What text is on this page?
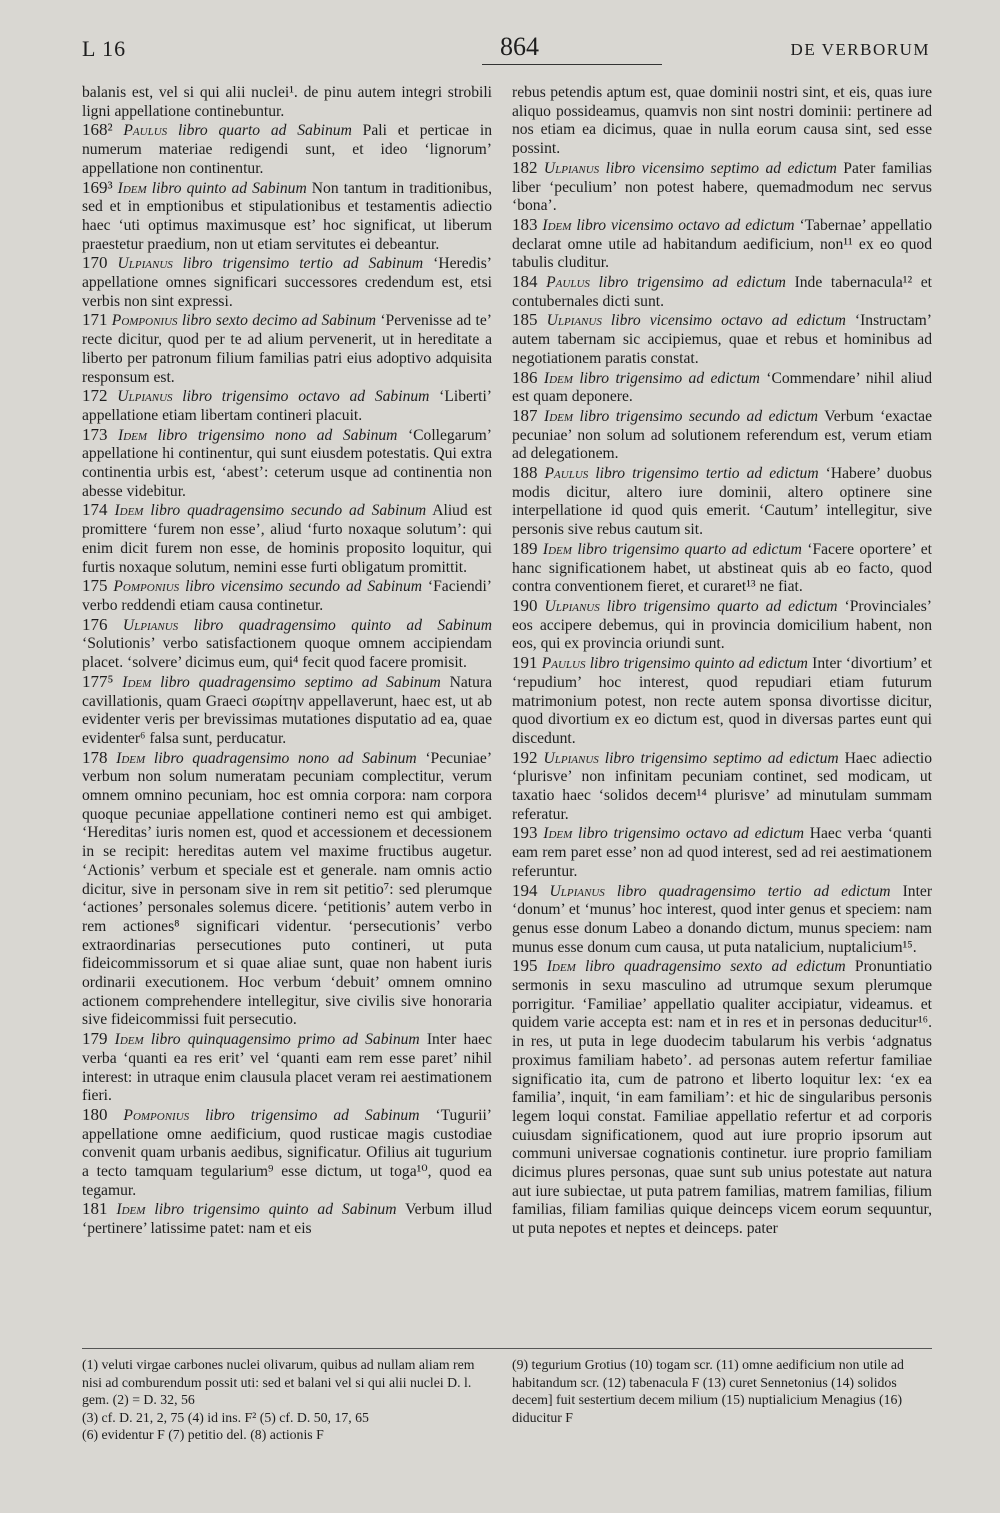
L 16	864	DE VERBORUM

balanis est, vel si qui alii nuclei¹. de pinu autem integri strobili ligni appellatione continebuntur.

168² Paulus libro quarto ad Sabinum Pali et perticae in numerum materiae redigendi sunt, et ideo ‘lignorum’ appellatione non continentur.

169³ Idem libro quinto ad Sabinum Non tantum in traditionibus, sed et in emptionibus et stipulationibus et testamentis adiectio haec ‘uti optimus maximusque est’ hoc significat, ut liberum praestetur praedium, non ut etiam servitutes ei debeantur.

170 Ulpianus libro trigensimo tertio ad Sabinum ‘Heredis’ appellatione omnes significari successores credendum est, etsi verbis non sint expressi.

171 Pomponius libro sexto decimo ad Sabinum ‘Pervenisse ad te’ recte dicitur, quod per te ad alium pervenerit, ut in hereditate a liberto per patronum filium familias patri eius adoptivo adquisita responsum est.

172 Ulpianus libro trigensimo octavo ad Sabinum ‘Liberti’ appellatione etiam libertam contineri placuit.

173 Idem libro trigensimo nono ad Sabinum ‘Collegarum’ appellatione hi continentur, qui sunt eiusdem potestatis. Qui extra continentia urbis est, ‘abest’: ceterum usque ad continentia non abesse videbitur.

174 Idem libro quadragensimo secundo ad Sabinum Aliud est promittere ‘furem non esse’, aliud ‘furto noxaque solutum’: qui enim dicit furem non esse, de hominis proposito loquitur, qui furtis noxaque solutum, nemini esse furti obligatum promittit.

175 Pomponius libro vicensimo secundo ad Sabinum ‘Faciendi’ verbo reddendi etiam causa continetur.

176 Ulpianus libro quadragensimo quinto ad Sabinum ‘Solutionis’ verbo satisfactionem quoque omnem accipiendam placet. ‘solvere’ dicimus eum, qui⁴ fecit quod facere promisit.

177⁵ Idem libro quadragensimo septimo ad Sabinum Natura cavillationis, quam Graeci σωρίτην appellaverunt, haec est, ut ab evidenter veris per brevissimas mutationes disputatio ad ea, quae evidenter⁶ falsa sunt, perducatur.

178 Idem libro quadragensimo nono ad Sabinum ‘Pecuniae’ verbum non solum numeratam pecuniam complectitur, verum omnem omnino pecuniam, hoc est omnia corpora: nam corpora quoque pecuniae appellatione contineri nemo est qui ambiget. ‘Hereditas’ iuris nomen est, quod et accessionem et decessionem in se recipit: hereditas autem vel maxime fructibus augetur. ‘Actionis’ verbum et speciale est et generale. nam omnis actio dicitur, sive in personam sive in rem sit petitio⁷: sed plerumque ‘actiones’ personales solemus dicere. ‘petitionis’ autem verbo in rem actiones⁸ significari videntur. ‘persecutionis’ verbo extraordinarias persecutiones puto contineri, ut puta fideicommissorum et si quae aliae sunt, quae non habent iuris ordinarii executionem. Hoc verbum ‘debuit’ omnem omnino actionem comprehendere intellegitur, sive civilis sive honoraria sive fideicommissi fuit persecutio.

179 Idem libro quinquagensimo primo ad Sabinum Inter haec verba ‘quanti ea res erit’ vel ‘quanti eam rem esse paret’ nihil interest: in utraque enim clausula placet veram rei aestimationem fieri.

180 Pomponius libro trigensimo ad Sabinum ‘Tugurii’ appellatione omne aedificium, quod rusticae magis custodiae convenit quam urbanis aedibus, significatur. Ofilius ait tugurium a tecto tamquam tegularium⁹ esse dictum, ut toga¹⁰, quod ea tegamur.

181 Idem libro trigensimo quinto ad Sabinum Verbum illud ‘pertinere’ latissime patet: nam et eis

rebus petendis aptum est, quae dominii nostri sint, et eis, quas iure aliquo possideamus, quamvis non sint nostri dominii: pertinere ad nos etiam ea dicimus, quae in nulla eorum causa sint, sed esse possint.

182 Ulpianus libro vicensimo septimo ad edictum Pater familias liber ‘peculium’ non potest habere, quemadmodum nec servus ‘bona’.

183 Idem libro vicensimo octavo ad edictum ‘Tabernae’ appellatio declarat omne utile ad habitandum aedificium, non¹¹ ex eo quod tabulis cluditur.

184 Paulus libro trigensimo ad edictum Inde tabernacula¹² et contubernales dicti sunt.

185 Ulpianus libro vicensimo octavo ad edictum ‘Instructam’ autem tabernam sic accipiemus, quae et rebus et hominibus ad negotiationem paratis constat.

186 Idem libro trigensimo ad edictum ‘Commendare’ nihil aliud est quam deponere.

187 Idem libro trigensimo secundo ad edictum Verbum ‘exactae pecuniae’ non solum ad solutionem referendum est, verum etiam ad delegationem.

188 Paulus libro trigensimo tertio ad edictum ‘Habere’ duobus modis dicitur, altero iure dominii, altero optinere sine interpellatione id quod quis emerit. ‘Cautum’ intellegitur, sive personis sive rebus cautum sit.

189 Idem libro trigensimo quarto ad edictum ‘Facere oportere’ et hanc significationem habet, ut abstineat quis ab eo facto, quod contra conventionem fieret, et curaret¹³ ne fiat.

190 Ulpianus libro trigensimo quarto ad edictum ‘Provinciales’ eos accipere debemus, qui in provincia domicilium habent, non eos, qui ex provincia oriundi sunt.

191 Paulus libro trigensimo quinto ad edictum Inter ‘divortium’ et ‘repudium’ hoc interest, quod repudiari etiam futurum matrimonium potest, non recte autem sponsa divortisse dicitur, quod divortium ex eo dictum est, quod in diversas partes eunt qui discedunt.

192 Ulpianus libro trigensimo septimo ad edictum Haec adiectio ‘plurisve’ non infinitam pecuniam continet, sed modicam, ut taxatio haec ‘solidos decem¹⁴ plurisve’ ad minutulam summam referatur.

193 Idem libro trigensimo octavo ad edictum Haec verba ‘quanti eam rem paret esse’ non ad quod interest, sed ad rei aestimationem referuntur.

194 Ulpianus libro quadragensimo tertio ad edictum Inter ‘donum’ et ‘munus’ hoc interest, quod inter genus et speciem: nam genus esse donum Labeo a donando dictum, munus speciem: nam munus esse donum cum causa, ut puta natalicium, nuptalicium¹⁵.

195 Idem libro quadragensimo sexto ad edictum Pronuntiatio sermonis in sexu masculino ad utrumque sexum plerumque porrigitur. ‘Familiae’ appellatio qualiter accipiatur, videamus. et quidem varie accepta est: nam et in res et in personas deducitur¹⁶. in res, ut puta in lege duodecim tabularum his verbis ‘adgnatus proximus familiam habeto’. ad personas autem refertur familiae significatio ita, cum de patrono et liberto loquitur lex: ‘ex ea familia’, inquit, ‘in eam familiam’: et hic de singularibus personis legem loqui constat. Familiae appellatio refertur et ad corporis cuiusdam significationem, quod aut iure proprio ipsorum aut communi universae cognationis continetur. iure proprio familiam dicimus plures personas, quae sunt sub unius potestate aut natura aut iure subiectae, ut puta patrem familias, matrem familias, filium familias, filiam familias quique deinceps vicem eorum sequuntur, ut puta nepotes et neptes et deinceps. pater

(1) veluti virgae carbones nuclei olivarum, quibus ad nullam aliam rem nisi ad comburendum possit uti: sed et balani vel si qui alii nuclei D. l. gem. (2) = D. 32, 56

(3) cf. D. 21, 2, 75 (4) id ins. F² (5) cf. D. 50, 17, 65

(6) evidentur F (7) petitio del. (8) actionis F

(9) tegurium Grotius (10) togam scr. (11) omne aedificium non utile ad habitandum scr. (12) tabenacula F (13) curet Sennetonius (14) solidos decem] fuit sestertium decem milium (15) nuptialicium Menagius (16) diducitur F
